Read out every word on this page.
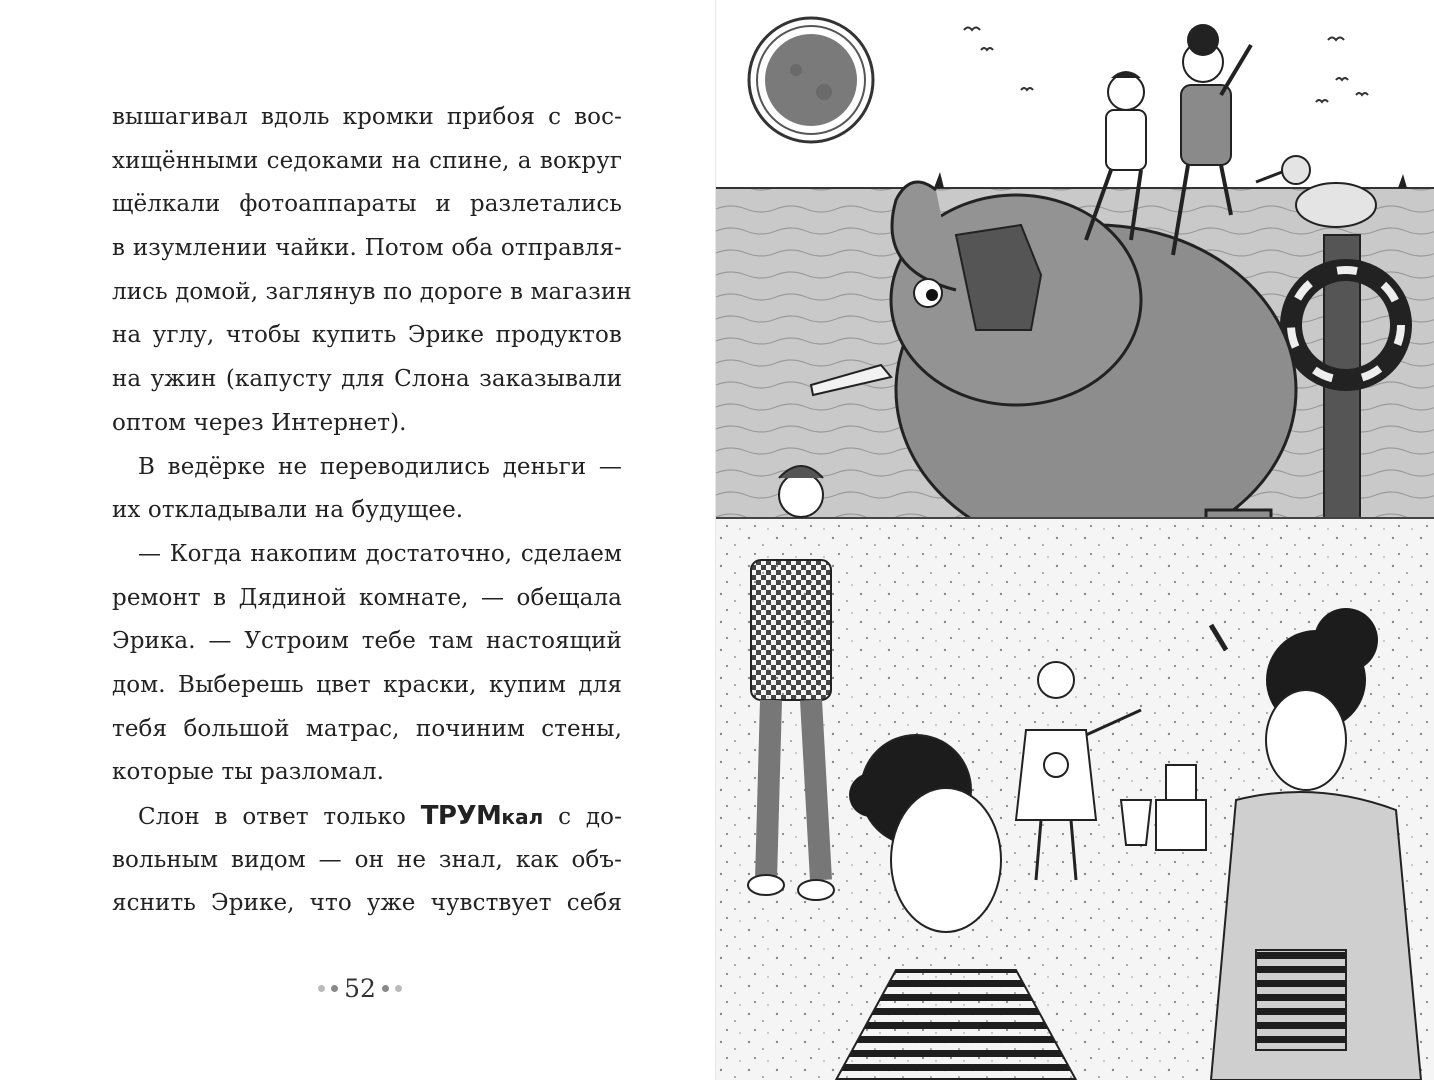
вышагивал вдоль кромки прибоя с вос-
хищёнными седоками на спине, а вокруг
щёлкали фотоаппараты и разлетались
в изумлении чайки. Потом оба отправля-
лись домой, заглянув по дороге в магазин
на углу, чтобы купить Эрике продуктов
на ужин (капусту для Слона заказывали
оптом через Интернет).
В ведёрке не переводились деньги —
их откладывали на будущее.
— Когда накопим достаточно, сделаем
ремонт в Дядиной комнате, — обещала
Эрика. — Устроим тебе там настоящий
дом. Выберешь цвет краски, купим для
тебя большой матрас, починим стены,
которые ты разломал.
Слон в ответ только ТРУМкал с до-
вольным видом — он не знал, как объ-
яснить Эрике, что уже чувствует себя
52
